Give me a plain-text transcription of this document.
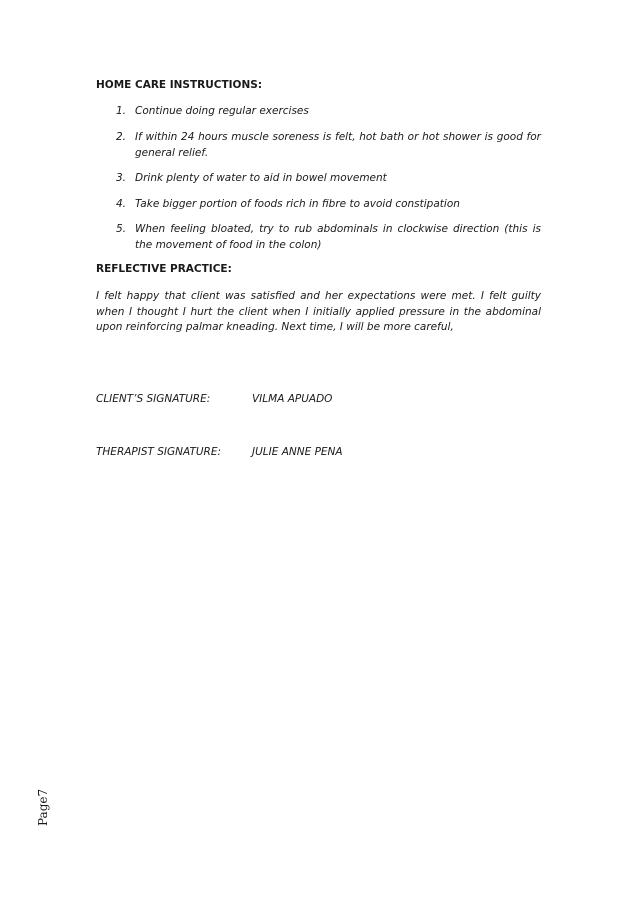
HOME CARE INSTRUCTIONS:
1. Continue doing regular exercises
2. If within 24 hours muscle soreness is felt, hot bath or hot shower is good for general relief.
3. Drink plenty of water to aid in bowel movement
4. Take bigger portion of foods rich in fibre to avoid constipation
5. When feeling bloated, try to rub abdominals in clockwise direction (this is the movement of food in the colon)
REFLECTIVE PRACTICE:

I felt happy that client was satisfied and her expectations were met. I felt guilty when I thought I hurt the client when I initially applied pressure in the abdominal upon reinforcing palmar kneading. Next time, I will be more careful,

CLIENT’S SIGNATURE:	VILMA APUADO
THERAPIST SIGNATURE:	JULIE ANNE PENA
Page7
